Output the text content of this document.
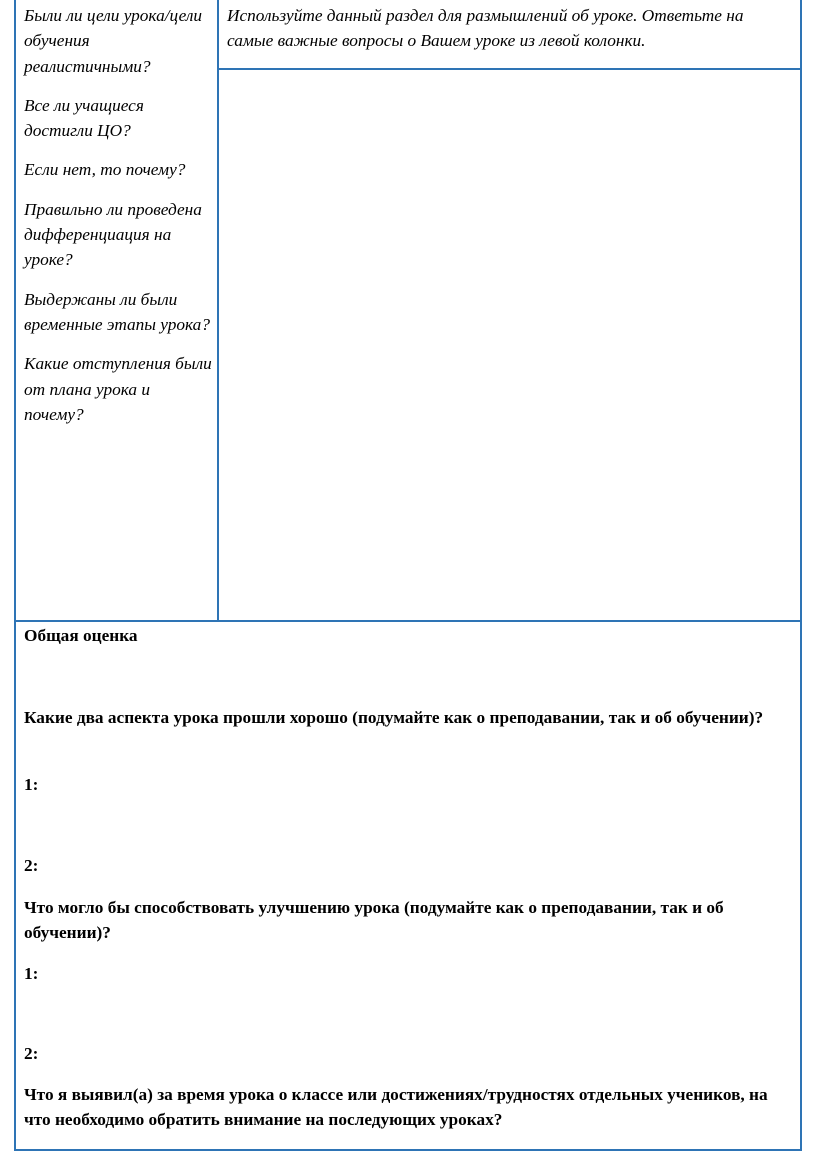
Были ли цели урока/цели обучения реалистичными?

Все ли учащиеся достигли ЦО?

Если нет, то почему?

Правильно ли проведена дифференциация на уроке?

Выдержаны ли были временные этапы урока?

Какие отступления были от плана урока и почему?

Используйте данный раздел для размышлений об уроке. Ответьте на самые важные вопросы о Вашем уроке из левой колонки.
Общая оценка
Какие два аспекта урока прошли хорошо (подумайте как о преподавании, так и об обучении)?
1:
2:
Что могло бы способствовать улучшению урока (подумайте как о преподавании, так и об обучении)?
1:
2:
Что я выявил(а) за время урока о классе или достижениях/трудностях отдельных учеников, на что необходимо обратить внимание на последующих уроках?
